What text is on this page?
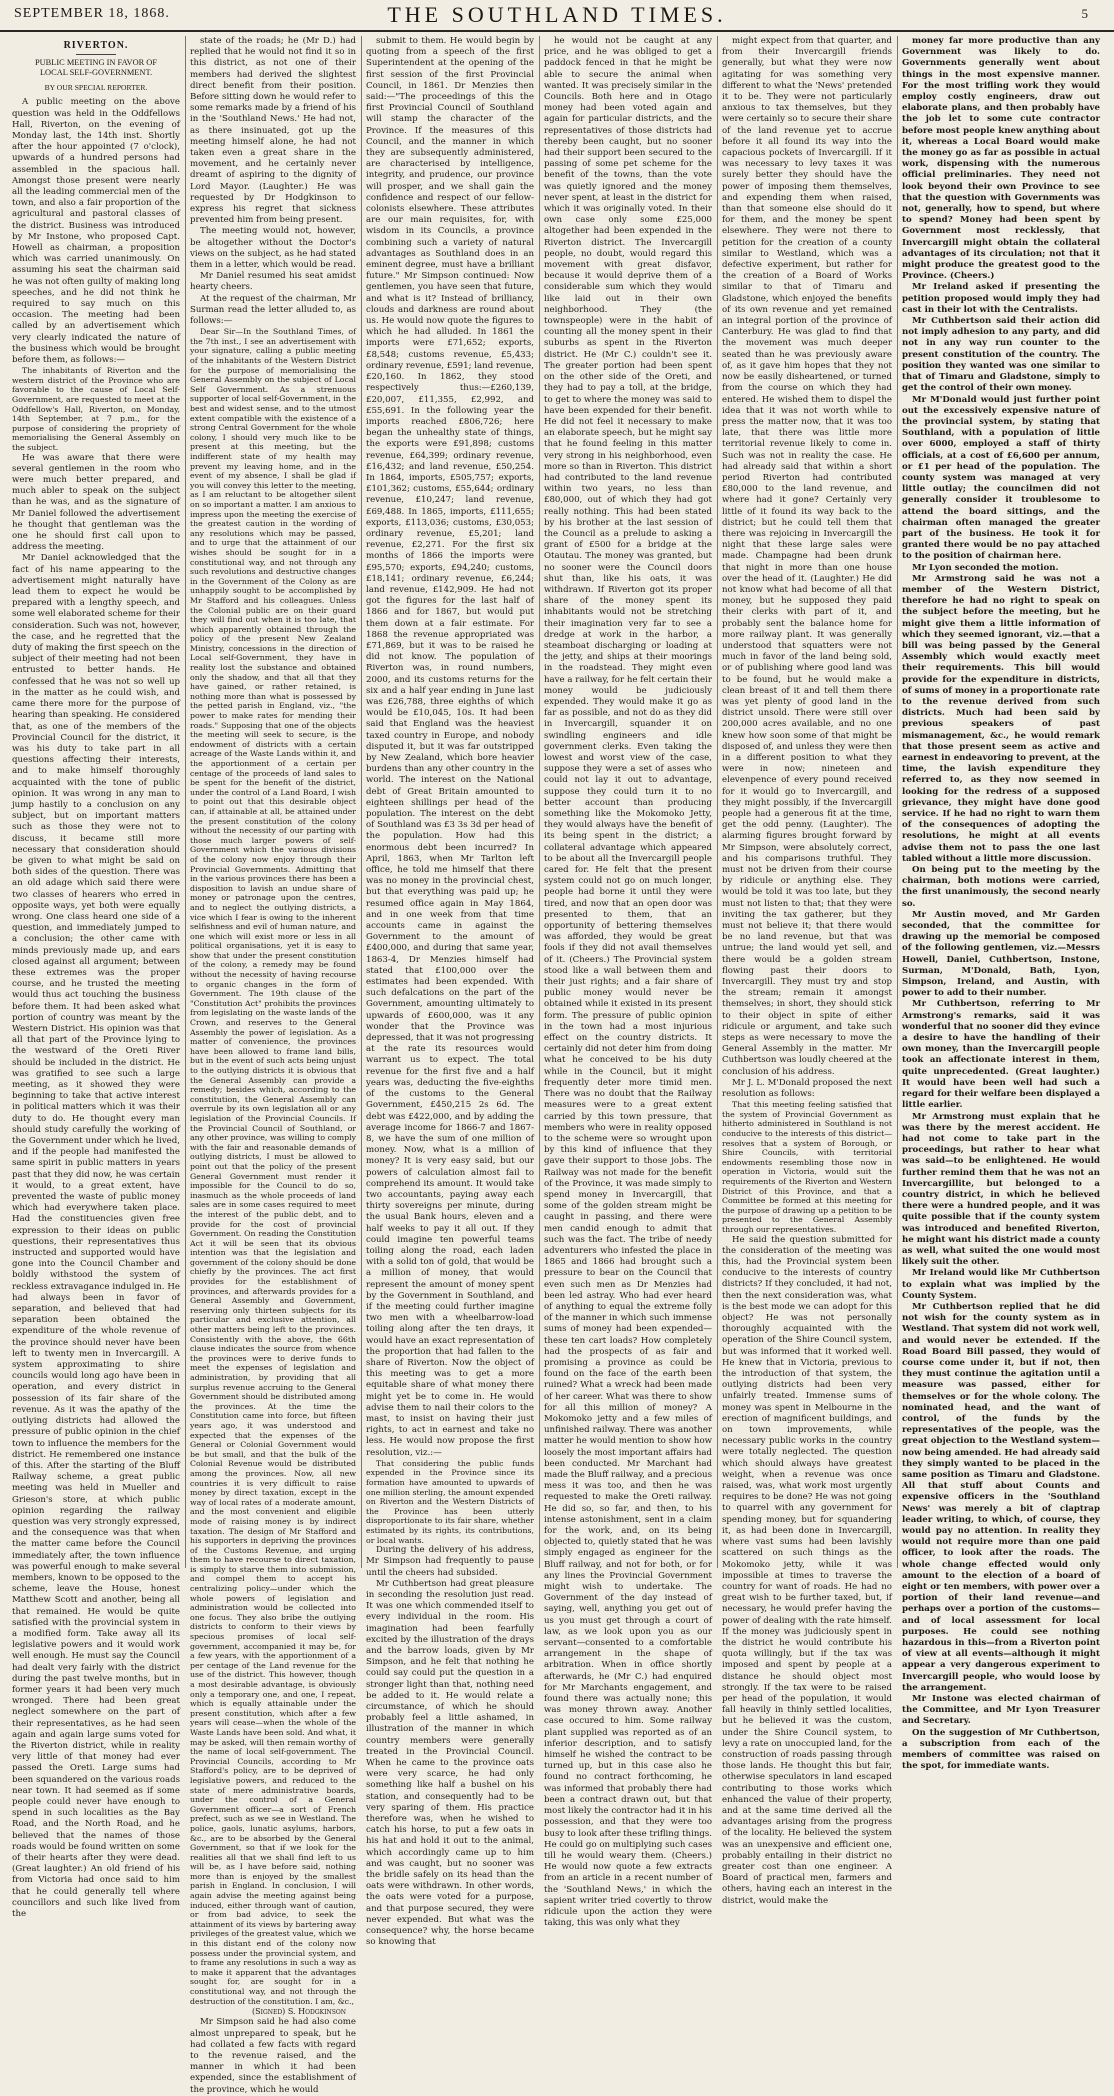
SEPTEMBER 18, 1868.	THE SOUTHLAND TIMES.	5
RIVERTON.
PUBLIC MEETING IN FAVOR OF LOCAL SELF-GOVERNMENT.
BY OUR SPECIAL REPORTER.

A public meeting on the above question was held in the Oddfellows Hall, Riverton, on the evening of Monday last, the 14th inst. Shortly after the hour appointed (7 o'clock), upwards of a hundred persons had assembled in the spacious hall. Amongst those present were nearly all the leading commercial men of the town, and also a fair proportion of the agricultural and pastoral classes of the district. Business was introduced by Mr Instone, who proposed Capt. Howell as chairman, a proposition which was carried unanimously. On assuming his seat the chairman said he was not often guilty of making long speeches, and he did not think he required to say much on this occasion. The meeting had been called by an advertisement which very clearly indicated the nature of the business which would be brought before them, as follows:—

The inhabitants of Riverton and the western district of the Province who are favorable to the cause of Local Self-Government, are requested to meet at the Oddfellow's Hall, Riverton, on Monday, 14th September, at 7 p.m., for the purpose of considering the propriety of memorialising the General Assembly on the subject.

He was aware that there were several gentlemen in the room who were much better prepared, and much abler to speak on the subject than he was, and as the signature of Mr Daniel followed the advertisement he thought that gentleman was the one he should first call upon to address the meeting.

Mr Daniel acknowledged that the fact of his name appearing to the advertisement might naturally have lead them to expect he would be prepared with a lengthy speech, and some well elaborated scheme for their consideration. Such was not, however, the case, and he regretted that the duty of making the first speech on the subject of their meeting had not been entrusted to better hands. He confessed that he was not so well up in the matter as he could wish, and came there more for the purpose of hearing than speaking. He considered that, as one of the members of the Provincial Council for the district, it was his duty to take part in all questions affecting their interests, and to make himself thoroughly acquainted with the tone of public opinion. It was wrong in any man to jump hastily to a conclusion on any subject, but on important matters such as those they were not to discuss, it became still more necessary that consideration should be given to what might be said on both sides of the question. There was an old adage which said there were two classes of hearers who erred in opposite ways, yet both were equally wrong. One class heard one side of a question, and immediately jumped to a conclusion; the other came with minds previously made up, and ears closed against all argument; between these extremes was the proper course, and he trusted the meeting would thus act touching the business before them. It had been asked what portion of country was meant by the Western District. His opinion was that all that part of the Province lying to the westward of the Oreti River should be included in the district. He was gratified to see such a large meeting, as it showed they were beginning to take that active interest in political matters which it was their duty to do. He thought every man should study carefully the working of the Government under which he lived, and if the people had manifested the same spirit in public matters in years past that they did now, he was certain it would, to a great extent, have prevented the waste of public money which had everywhere taken place. Had the constituencies given free expression to their ideas on public questions, their representatives thus instructed and supported would have gone into the Council Chamber and boldly withstood the system of reckless extravagance indulged in. He had always been in favor of separation, and believed that had separation been obtained the expenditure of the whole revenue of the province should never have been left to twenty men in Invercargill. A system approximating to shire councils would long ago have been in operation, and every district in possession of its fair share of the revenue. As it was the apathy of the outlying districts had allowed the pressure of public opinion in the chief town to influence the members for the district. He remembered one instance of this. After the starting of the Bluff Railway scheme, a great public meeting was held in Mueller and Grieson's store, at which public opinion regarding the railway question was very strongly expressed, and the consequence was that when the matter came before the Council immediately after, the town influence was powerful enough to make several members, known to be opposed to the scheme, leave the House, honest Matthew Scott and another, being all that remained. He would be quite satisfied with the provincial system in a modified form. Take away all its legislative powers and it would work well enough. He must say the Council had dealt very fairly with the district during the past twelve months, but in former years it had been very much wronged. There had been great neglect somewhere on the part of their representatives, as he had seen again and again large sums voted for the Riverton district, while in reality very little of that money had ever passed the Oreti. Large sums had been squandered on the various roads near town. It had seemed as if some people could never have enough to spend in such localities as the Bay Road, and the North Road, and he believed that the names of those roads would be found written on some of their hearts after they were dead. (Great laughter.) An old friend of his from Victoria had once said to him that he could generally tell where councillors and such like lived from the

state of the roads; he (Mr D.) had replied that he would not find it so in this district, as not one of their members had derived the slightest direct benefit from their position. Before sitting down he would refer to some remarks made by a friend of his in the 'Southland News.' He had not, as there insinuated, got up the meeting himself alone, he had not taken even a great share in the movement, and he certainly never dreamt of aspiring to the dignity of Lord Mayor. (Laughter.) He was requested by Dr Hodgkinson to express his regret that sickness prevented him from being present.

The meeting would not, however, be altogether without the Doctor's views on the subject, as he had stated them in a letter, which would be read.

Mr Daniel resumed his seat amidst hearty cheers.

At the request of the chairman, Mr Surman read the letter alluded to, as follows:—

Dear Sir—In the Southland Times, of the 7th inst., I see an advertisement with your signature, calling a public meeting of the inhabitants of the Western District for the purpose of memorialising the General Assembly on the subject of Local Self Government. As a strenuous supporter of local self-Government, in the best and widest sense, and to the utmost extent compatible with the existence of a strong Central Government for the whole colony, I should very much like to be present at this meeting, but the indifferent state of my health may prevent my leaving home, and in the event of my absence, I shall be glad if you will convey this letter to the meeting, as I am reluctant to be altogether silent on so important a matter. I am anxious to impress upon the meeting the exercise of the greatest caution in the wording of any resolutions which may be passed, and to urge that the attainment of our wishes should be sought for in a constitutional way, and not through any such revolutions and destructive changes in the Government of the Colony as are unhappily sought to be accomplished by Mr Stafford and his colleagues. Unless the Colonial public are on their guard they will find out when it is too late, that which apparently obtained through the policy of the present New Zealand Ministry, concessions in the direction of Local self-Government, they have in reality lost the substance and obtained only the shadow, and that all that they have gained, or rather retained, is nothing more than what is possessed by the petted parish in England, viz., "the power to make rates for mending their roads." Supposing that one of the objects the meeting will seek to secure, is the endowment of districts with a certain acreage of the Waste Lands within it, and the apportionment of a certain per centage of the proceeds of land sales to be spent for the benefit of the district, under the control of a Land Board, I wish to point out that this desirable object can, if attainable at all, be attained under the present constitution of the colony without the necessity of our parting with those much larger powers of self-Government which the various divisions of the colony now enjoy through their Provincial Governments. Admitting that in the various provinces there has been a disposition to lavish an undue share of money or patronage upon the centres, and to neglect the outlying districts, a vice which I fear is owing to the inherent selfishness and evil of human nature, and one which will exist more or less in all political organisations, yet it is easy to show that under the present constitution of the colony, a remedy may be found without the necessity of having recourse to organic changes in the form of Government. The 19th clause of the "Constitution Act" prohibits the provinces from legislating on the waste lands of the Crown, and reserves to the General Assembly the power of legislation. As a matter of convenience, the provinces have been allowed to frame land bills, but in the event of such acts being unjust to the outlying districts it is obvious that the General Assembly can provide a remedy; besides which, according to the constitution, the General Assembly can overrule by its own legislation all or any legislation of the Provincial Councils. If the Provincial Council of Southland, or any other province, was willing to comply with the fair and reasonable demands of outlying districts, I must be allowed to point out that the policy of the present General Government must render it impossible for the Council to do so, inasmuch as the whole proceeds of land sales are in some cases required to meet the interest of the public debt, and to provide for the cost of provincial Government. On reading the Constitution Act it will be seen that its obvious intention was that the legislation and government of the colony should be done chiefly by the provinces. The act first provides for the establishment of provinces, and afterwards provides for a General Assembly and Government, reserving only thirteen subjects for its particular and exclusive attention, all other matters being left to the provinces. Consistently with the above, the 66th clause indicates the source from whence the provinces were to derive funds to meet the expenses of legislation and administration, by providing that all surplus revenue accruing to the General Government should be distributed among the provinces. At the time the Constitution came into force, but fifteen years ago, it was understood and expected that the expenses of the General or Colonial Government would be but small, and that the bulk of the Colonial Revenue would be distributed among the provinces. Now, all new countries it is very difficult to raise money by direct taxation, except in the way of local rates of a moderate amount, and the most convenient and eligible mode of raising money is by indirect taxation. The design of Mr Stafford and his supporters in depriving the provinces of the Customs Revenue, and urging them to have recourse to direct taxation, is simply to starve them into submission, and compel them to accept his centralizing policy—under which the whole powers of legislation and administration would be collected into one focus. They also bribe the outlying districts to conform to their views by specious promises of local self-government, accompanied it may be, for a few years, with the apportionment of a per centage of the Land revenue for the use of the district. This however, though a most desirable advantage, is obviously only a temporary one, and one, I repeat, which is equally attainable under the present constitution, which after a few years will cease—when the whole of the Waste Lands have been sold. And what, it may be asked, will then remain worthy of the name of local self-government. The Provincial Councils, according to Mr Stafford's policy, are to be deprived of legislative powers, and reduced to the state of mere administrative boards, under the control of a General Government officer—a sort of French prefect, such as we see in Westland. The police, gaols, lunatic asylums, harbors, &c., are to be absorbed by the General Government, so that if we look for the realities all that we shall find left to us will be, as I have before said, nothing more than is enjoyed by the smallest parish in England. In conclusion, I will again advise the meeting against being induced, either through want of caution, or from bad advice, to seek the attainment of its views by bartering away privileges of the greatest value, which we in this distant end of the colony now possess under the provincial system, and to frame any resolutions in such a way as to make it apparent that the advantages sought for, are sought for in a constitutional way, and not through the destruction of the constitution. I am, &c.,

(Signed) S. Hodgkinson

Mr Simpson said he had also come almost unprepared to speak, but he had collated a few facts with regard to the revenue raised, and the manner in which it had been expended, since the establishment of the province, which he would

submit to them. He would begin by quoting from a speech of the first Superintendent at the opening of the first session of the first Provincial Council, in 1861. Dr Menzies then said:—"The proceedings of this the first Provincial Council of Southland will stamp the character of the Province. If the measures of this Council, and the manner in which they are subsequently administered, are characterised by intelligence, integrity, and prudence, our province will prosper, and we shall gain the confidence and respect of our fellow-colonists elsewhere. These attributes are our main requisites, for, with wisdom in its Councils, a province combining such a variety of natural advantages as Southland does in an eminent degree, must have a brilliant future." Mr Simpson continued: Now gentlemen, you have seen that future, and what is it? Instead of brilliancy, clouds and darkness are round about us. He would now quote the figures to which he had alluded. In 1861 the imports were £71,652; exports, £8,548; customs revenue, £5,433; ordinary revenue, £591; land revenue, £20,160. In 1862, they stood respectively thus:—£260,139, £20,007, £11,355, £2,992, and £55,691. In the following year the imports reached £806,726; here began the unhealthy state of things, the exports were £91,898; customs revenue, £64,399; ordinary revenue, £16,432; and land revenue, £50,254. In 1864, imports, £505,757; exports, £101,362; customs, £55,644; ordinary revenue, £10,247; land revenue, £69,488. In 1865, imports, £111,655; exports, £113,036; customs, £30,053; ordinary revenue, £5,201; land revenue, £2,271. For the first six months of 1866 the imports were £95,570; exports, £94,240; customs, £18,141; ordinary revenue, £6,244; land revenue, £142,909. He had not got the figures for the last half of 1866 and for 1867, but would put them down at a fair estimate. For 1868 the revenue appropriated was £71,869, but it was to be raised he did not know. The population of Riverton was, in round numbers, 2000, and its customs returns for the six and a half year ending in June last was £26,788, three eighths of which would be £10,045, 10s. It had been said that England was the heaviest taxed country in Europe, and nobody disputed it, but it was far outstripped by New Zealand, which bore heavier burdens than any other country in the world. The interest on the National debt of Great Britain amounted to eighteen shillings per head of the population. The interest on the debt of Southland was £3 3s 3d per head of the population. How had this enormous debt been incurred? In April, 1863, when Mr Tarlton left office, he told me himself that there was no money in the provincial chest, but that everything was paid up; he resumed office again in May 1864, and in one week from that time accounts came in against the Government to the amount of £400,000, and during that same year, 1863-4, Dr Menzies himself had stated that £100,000 over the estimates had been expended. With such defalcations on the part of the Government, amounting ultimately to upwards of £600,000, was it any wonder that the Province was depressed, that it was not progressing at the rate its resources would warrant us to expect. The total revenue for the first five and a half years was, deducting the five-eighths of the customs to the General Government, £450,215 2s 6d. The debt was £422,000, and by adding the average income for 1866-7 and 1867-8, we have the sum of one million of money. Now, what is a million of money? It is very easy said, but our powers of calculation almost fail to comprehend its amount. It would take two accountants, paying away each thirty sovereigns per minute, during the usual Bank hours, eleven and a half weeks to pay it all out. If they could imagine ten powerful teams toiling along the road, each laden with a solid ton of gold, that would be a million of money, that would represent the amount of money spent by the Government in Southland, and if the meeting could further imagine two men with a wheelbarrow-load toiling along after the ten drays, it would have an exact representation of the proportion that had fallen to the share of Riverton. Now the object of this meeting was to get a more equitable share of what money there might yet be to come in. He would advise them to nail their colors to the mast, to insist on having their just rights, to act in earnest and take no less. He would now propose the first resolution, viz.:—

That considering the public funds expended in the Province since its formation have amounted to upwards of one million sterling, the amount expended on Riverton and the Western Districts of the Province has been utterly disproportionate to its fair share, whether estimated by its rights, its contributions, or local wants.

During the delivery of his address, Mr Simpson had frequently to pause until the cheers had subsided.

Mr Cuthbertson had great pleasure in seconding the resolution just read. It was one which commended itself to every individual in the room. His imagination had been fearfully excited by the illustration of the drays and the barrow loads, given by Mr Simpson, and he felt that nothing he could say could put the question in a stronger light than that, nothing need be added to it. He would relate a circumstance, of which he should probably feel a little ashamed, in illustration of the manner in which country members were generally treated in the Provincial Council. When he came to the province oats were very scarce, he had only something like half a bushel on his station, and consequently had to be very sparing of them. His practice therefore was, when he wished to catch his horse, to put a few oats in his hat and hold it out to the animal, which accordingly came up to him and was caught, but no sooner was the bridle safely on its head than the oats were withdrawn. In other words, the oats were voted for a purpose, and that purpose secured, they were never expended. But what was the consequence? why, the horse became so knowing that

he would not be caught at any price, and he was obliged to get a paddock fenced in that he might be able to secure the animal when wanted. It was precisely similar in the Councils. Both here and in Otago money had been voted again and again for particular districts, and the representatives of those districts had thereby been caught, but no sooner had their support been secured to the passing of some pet scheme for the benefit of the towns, than the vote was quietly ignored and the money never spent, at least in the district for which it was originally voted. In their own case only some £25,000 altogether had been expended in the Riverton district. The Invercargill people, no doubt, would regard this movement with great disfavor, because it would deprive them of a considerable sum which they would like laid out in their own neighborhood. They (the townspeople) were in the habit of counting all the money spent in their suburbs as spent in the Riverton district. He (Mr C.) couldn't see it. The greater portion had been spent on the other side of the Oreti, and they had to pay a toll, at the bridge, to get to where the money was said to have been expended for their benefit. He did not feel it necessary to make an elaborate speech, but he might say that he found feeling in this matter very strong in his neighborhood, even more so than in Riverton. This district had contributed to the land revenue within two years, no less than £80,000, out of which they had got really nothing. This had been stated by his brother at the last session of the Council as a prelude to asking a grant of £500 for a bridge at the Otautau. The money was granted, but no sooner were the Council doors shut than, like his oats, it was withdrawn. If Riverton got its proper share of the money spent its inhabitants would not be stretching their imagination very far to see a dredge at work in the harbor, a steamboat discharging or loading at the jetty, and ships at their moorings in the roadstead. They might even have a railway, for he felt certain their money would be judiciously expended. They would make it go as far as possible, and not do as they did in Invercargill, squander it on swindling engineers and idle government clerks. Even taking the lowest and worst view of the case, suppose they were a set of asses who could not lay it out to advantage, suppose they could turn it to no better account than producing something like the Mokomoko Jetty, they would always have the benefit of its being spent in the district; a collateral advantage which appeared to be about all the Invercargill people cared for. He felt that the present system could not go on much longer, people had borne it until they were tired, and now that an open door was presented to them, that an opportunity of bettering themselves was afforded, they would be great fools if they did not avail themselves of it. (Cheers.) The Provincial system stood like a wall between them and their just rights; and a fair share of public money would never be obtained while it existed in its present form. The pressure of public opinion in the town had a most injurious effect on the country districts. It certainly did not deter him from doing what he conceived to be his duty while in the Council, but it might frequently deter more timid men. There was no doubt that the Railway measures were to a great extent carried by this town pressure, that members who were in reality opposed to the scheme were so wrought upon by this kind of influence that they gave their support to those jobs. The Railway was not made for the benefit of the Province, it was made simply to spend money in Invercargill, that some of the golden stream might be caught in passing, and there were men candid enough to admit that such was the fact. The tribe of needy adventurers who infested the place in 1865 and 1866 had brought such a pressure to bear on the Council that even such men as Dr Menzies had been led astray. Who had ever heard of anything to equal the extreme folly of the manner in which such immense sums of money had been expended—these ten cart loads? How completely had the prospects of as fair and promising a province as could be found on the face of the earth been ruined? What a wreck had been made of her career. What was there to show for all this million of money? A Mokomoko jetty and a few miles of unfinished railway. There was another matter he would mention to show how loosely the most important affairs had been conducted. Mr Marchant had made the Bluff railway, and a precious mess it was too, and then he was requested to make the Oreti railway. He did so, so far, and then, to his intense astonishment, sent in a claim for the work, and, on its being objected to, quietly stated that he was simply engaged as engineer for the Bluff railway, and not for both, or for any lines the Provincial Government might wish to undertake. The Government of the day instead of saying, well, anything you get out of us you must get through a court of law, as we look upon you as our servant—consented to a comfortable arrangement in the shape of arbitration. When in office shortly afterwards, he (Mr C.) had enquired for Mr Marchants engagement, and found there was actually none; this was money thrown away. Another case occured to him. Some railway plant supplied was reported as of an inferior description, and to satisfy himself he wished the contract to be turned up, but in this case also he found no contract forthcoming, he was informed that probably there had been a contract drawn out, but that most likely the contractor had it in his possession, and that they were too busy to look after these trifling things. He could go on multiplying such cases till he would weary them. (Cheers.) He would now quote a few extracts from an article in a recent number of the 'Southland News,' in which the sapient writer tried covertly to throw ridicule upon the action they were taking, this was only what they

might expect from that quarter, and from their Invercargill friends generally, but what they were now agitating for was something very different to what the 'News' pretended it to be. They were not particularly anxious to tax themselves, but they were certainly so to secure their share of the land revenue yet to accrue before it all found its way into the capacious pockets of Invercargill. If it was necessary to levy taxes it was surely better they should have the power of imposing them themselves, and expending them when raised, than that someone else should do it for them, and the money be spent elsewhere. They were not there to petition for the creation of a county similar to Westland, which was a defective experiment, but rather for the creation of a Board of Works similar to that of Timaru and Gladstone, which enjoyed the benefits of its own revenue and yet remained an integral portion of the province of Canterbury. He was glad to find that the movement was much deeper seated than he was previously aware of, as it gave him hopes that they not now be easily disheartened, or turned from the course on which they had entered. He wished them to dispel the idea that it was not worth while to press the matter now, that it was too late, that there was little more territorial revenue likely to come in. Such was not in reality the case. He had already said that within a short period Riverton had contributed £80,000 to the land revenue, and where had it gone? Certainly very little of it found its way back to the district; but he could tell them that there was rejoicing in Invercargill the night that these large sales were made. Champagne had been drunk that night in more than one house over the head of it. (Laughter.) He did not know what had become of all that money, but he supposed they paid their clerks with part of it, and probably sent the balance home for more railway plant. It was generally understood that squatters were not much in favor of the land being sold, or of publishing where good land was to be found, but he would make a clean breast of it and tell them there was yet plenty of good land in the district unsold. There were still over 200,000 acres available, and no one knew how soon some of that might be disposed of, and unless they were then in a different position to what they were in now; nineteen and elevenpence of every pound received for it would go to Invercargill, and they might possibly, if the Invercargill people had a generous fit at the time, get the odd penny. (Laughter). The alarming figures brought forward by Mr Simpson, were absolutely correct, and his comparisons truthful. They must not be driven from their course by ridicule or anything else. They would be told it was too late, but they must not listen to that; that they were inviting the tax gatherer, but they must not believe it; that there would be no land revenue, but that was untrue; the land would yet sell, and there would be a golden stream flowing past their doors to Invercargill. They must try and stop the stream; remain it amongst themselves; in short, they should stick to their object in spite of either ridicule or argument, and take such steps as were necessary to move the General Assembly in the matter. Mr Cuthbertson was loudly cheered at the conclusion of his address.

Mr J. L. M'Donald proposed the next resolution as follows:

That this meeting feeling satisfied that the system of Provincial Government as hitherto administered in Southland is not conducive to the interests of this district—resolves that a system of Borough, or Shire Councils, with territorial endowments resembling those now in operation in Victoria, would suit the requirements of the Riverton and Western District of this Province, and that a Committee be formed at this meeting for the purpose of drawing up a petition to be presented to the General Assembly through our representatives.

He said the question submitted for the consideration of the meeting was this, had the Provincial system been conducive to the interests of country districts? If they concluded, it had not, then the next consideration was, what is the best mode we can adopt for this object? He was not personally thoroughly acquainted with the operation of the Shire Council system, but was informed that it worked well. He knew that in Victoria, previous to the introduction of that system, the outlying districts had been very unfairly treated. Immense sums of money was spent in Melbourne in the erection of magnificent buildings, and on town improvements, while necessary public works in the country were totally neglected. The question which should always have greatest weight, when a revenue was once raised, was, what work most urgently requires to be done? He was not going to quarrel with any government for spending money, but for squandering it, as had been done in Invercargill, where vast sums had been lavishly scattered on such things as the Mokomoko jetty, while it was impossible at times to traverse the country for want of roads. He had no great wish to be further taxed, but, if necessary, he would prefer having the power of dealing with the rate himself. If the money was judiciously spent in the district he would contribute his quota willingly, but if the tax was imposed and spent by people at a distance he should object most strongly. If the tax were to be raised per head of the population, it would fall heavily in thinly settled localities, but he believed it was the custom, under the Shire Council system, to levy a rate on unoccupied land, for the construction of roads passing through those lands. He thought this but fair, otherwise speculators in land escaped contributing to those works which enhanced the value of their property, and at the same time derived all the advantages arising from the progress of the locality. He believed the system was an unexpensive and efficient one, probably entailing in their district no greater cost than one engineer. A Board of practical men, farmers and others, having each an interest in the district, would make the

money far more productive than any Government was likely to do. Governments generally went about things in the most expensive manner. For the most trifling work they would employ costly engineers, draw out elaborate plans, and then probably have the job let to some cute contractor before most people knew anything about it, whereas a Local Board would make the money go as far as possible in actual work, dispensing with the numerous official preliminaries. They need not look beyond their own Province to see that the question with Governments was not, generally, how to spend, but where to spend? Money had been spent by Government most recklessly, that Invercargill might obtain the collateral advantages of its circulation; not that it might produce the greatest good to the Province. (Cheers.)

Mr Ireland asked if presenting the petition proposed would imply they had cast in their lot with the Centralists.

Mr Cuthbertson said their action did not imply adhesion to any party, and did not in any way run counter to the present constitution of the country. The position they wanted was one similar to that of Timaru and Gladstone, simply to get the control of their own money.

Mr M'Donald would just further point out the excessively expensive nature of the provincial system, by stating that Southland, with a population of little over 6000, employed a staff of thirty officials, at a cost of £6,600 per annum, or £1 per head of the population. The county system was managed at very little outlay; the councilmen did not generally consider it troublesome to attend the board sittings, and the chairman often managed the greater part of the business. He took it for granted there would be no pay attached to the position of chairman here.

Mr Lyon seconded the motion.

Mr Armstrong said he was not a member of the Western District, therefore he had no right to speak on the subject before the meeting, but he might give them a little information of which they seemed ignorant, viz.—that a bill was being passed by the General Assembly which would exactly meet their requirements. This bill would provide for the expenditure in districts, of sums of money in a proportionate rate to the revenue derived from such districts. Much had been said by previous speakers of past mismanagement, &c., he would remark that those present seem as active and earnest in endeavoring to prevent, at the time, the lavish expenditure they referred to, as they now seemed in looking for the redress of a supposed grievance, they might have done good service. If he had no right to warn them of the consequences of adopting the resolutions, he might at all events advise them not to pass the one last tabled without a little more discussion.

On being put to the meeting by the chairman, both motions were carried, the first unanimously, the second nearly so.

Mr Austin moved, and Mr Garden seconded, that the committee for drawing up the memorial be composed of the following gentlemen, viz.—Messrs Howell, Daniel, Cuthbertson, Instone, Surman, M'Donald, Bath, Lyon, Simpson, Ireland, and Austin, with power to add to their number.

Mr Cuthbertson, referring to Mr Armstrong's remarks, said it was wonderful that no sooner did they evince a desire to have the handling of their own money, than the Invercargill people took an affectionate interest in them, quite unprecedented. (Great laughter.) It would have been well had such a regard for their welfare been displayed a little earlier.

Mr Armstrong must explain that he was there by the merest accident. He had not come to take part in the proceedings, but rather to hear what was said—to be enlightened. He would further remind them that he was not an Invercargillite, but belonged to a country district, in which he believed there were a hundred people, and it was quite possible that if the county system was introduced and benefited Riverton, he might want his district made a county as well, what suited the one would most likely suit the other.

Mr Ireland would like Mr Cuthbertson to explain what was implied by the County System.

Mr Cuthbertson replied that he did not wish for the county system as in Westland. That system did not work well, and would never be extended. If the Road Board Bill passed, they would of course come under it, but if not, then they must continue the agitation until a measure was passed, either for themselves or for the whole colony. The nominated head, and the want of control, of the funds by the representatives of the people, was the great objection to the Westland system—now being amended. He had already said they simply wanted to be placed in the same position as Timaru and Gladstone. All that stuff about Counts and expensive officers in the 'Southland News' was merely a bit of claptrap leader writing, to which, of course, they would pay no attention. In reality they would not require more than one paid officer, to look after the roads. The whole change effected would only amount to the election of a board of eight or ten members, with power over a portion of their land revenue—and perhaps over a portion of the customs—and of local assessment for local purposes. He could see nothing hazardous in this—from a Riverton point of view at all events—although it might appear a very dangerous experiment to Invercargill people, who would loose by the arrangement.

Mr Instone was elected chairman of the Committee, and Mr Lyon Treasurer and Secretary.

On the suggestion of Mr Cuthbertson, a subscription from each of the members of committee was raised on the spot, for immediate wants.
